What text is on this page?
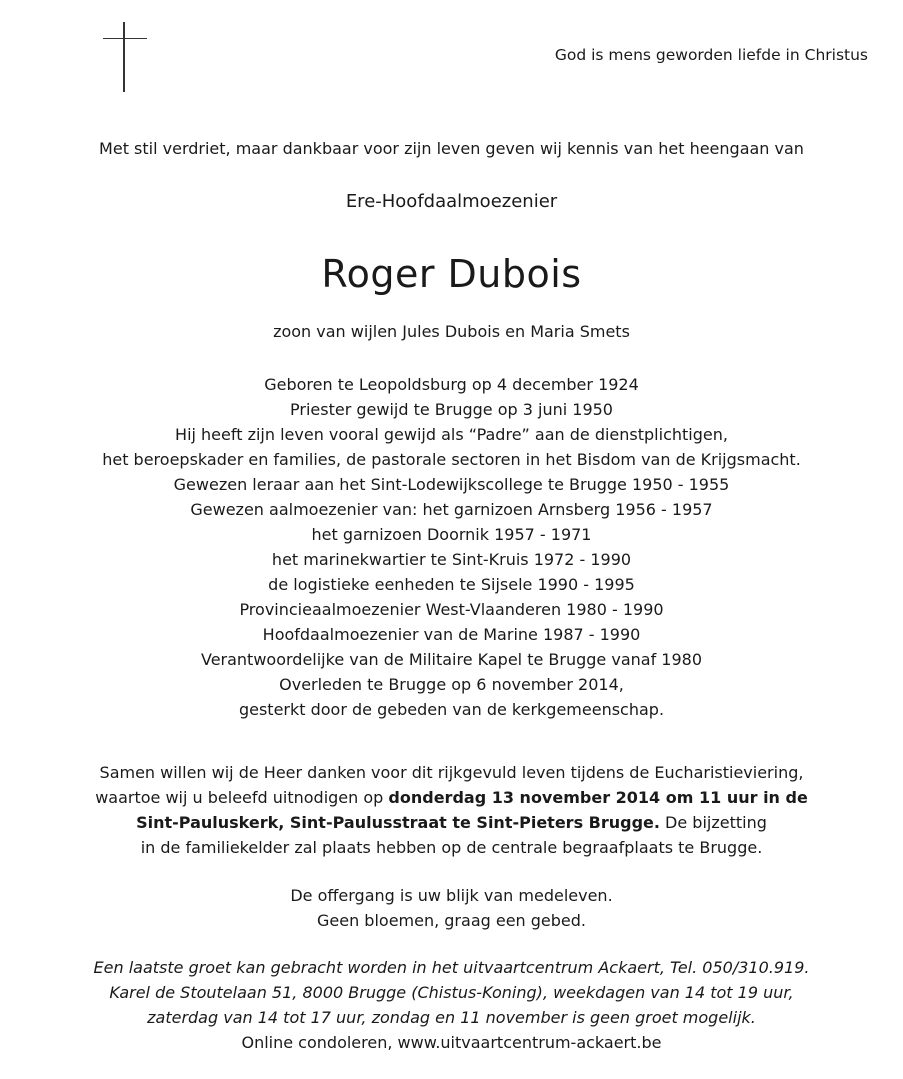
God is mens geworden liefde in Christus
Met stil verdriet, maar dankbaar voor zijn leven geven wij kennis van het heengaan van
Ere-Hoofdaalmoezenier
Roger Dubois
zoon van wijlen Jules Dubois en Maria Smets
Geboren te Leopoldsburg op 4 december 1924
Priester gewijd te Brugge op 3 juni 1950
Hij heeft zijn leven vooral gewijd als “Padre” aan de dienstplichtigen,
het beroepskader en families, de pastorale sectoren in het Bisdom van de Krijgsmacht.
Gewezen leraar aan het Sint-Lodewijkscollege te Brugge 1950 - 1955
Gewezen aalmoezenier van: het garnizoen Arnsberg 1956 - 1957
het garnizoen Doornik 1957 - 1971
het marinekwartier te Sint-Kruis 1972 - 1990
de logistieke eenheden te Sijsele 1990 - 1995
Provincieaalmoezenier West-Vlaanderen 1980 - 1990
Hoofdaalmoezenier van de Marine 1987 - 1990
Verantwoordelijke van de Militaire Kapel te Brugge vanaf 1980
Overleden te Brugge op 6 november 2014,
gesterkt door de gebeden van de kerkgemeenschap.
Samen willen wij de Heer danken voor dit rijkgevuld leven tijdens de Eucharistieviering,
waartoe wij u beleefd uitnodigen op donderdag 13 november 2014 om 11 uur in de
Sint-Pauluskerk, Sint-Paulusstraat te Sint-Pieters Brugge. De bijzetting
in de familiekelder zal plaats hebben op de centrale begraafplaats te Brugge.
De offergang is uw blijk van medeleven.
Geen bloemen, graag een gebed.
Een laatste groet kan gebracht worden in het uitvaartcentrum Ackaert, Tel. 050/310.919.
Karel de Stoutelaan 51, 8000 Brugge (Chistus-Koning), weekdagen van 14 tot 19 uur,
zaterdag van 14 tot 17 uur, zondag en 11 november is geen groet mogelijk.
Online condoleren, www.uitvaartcentrum-ackaert.be
